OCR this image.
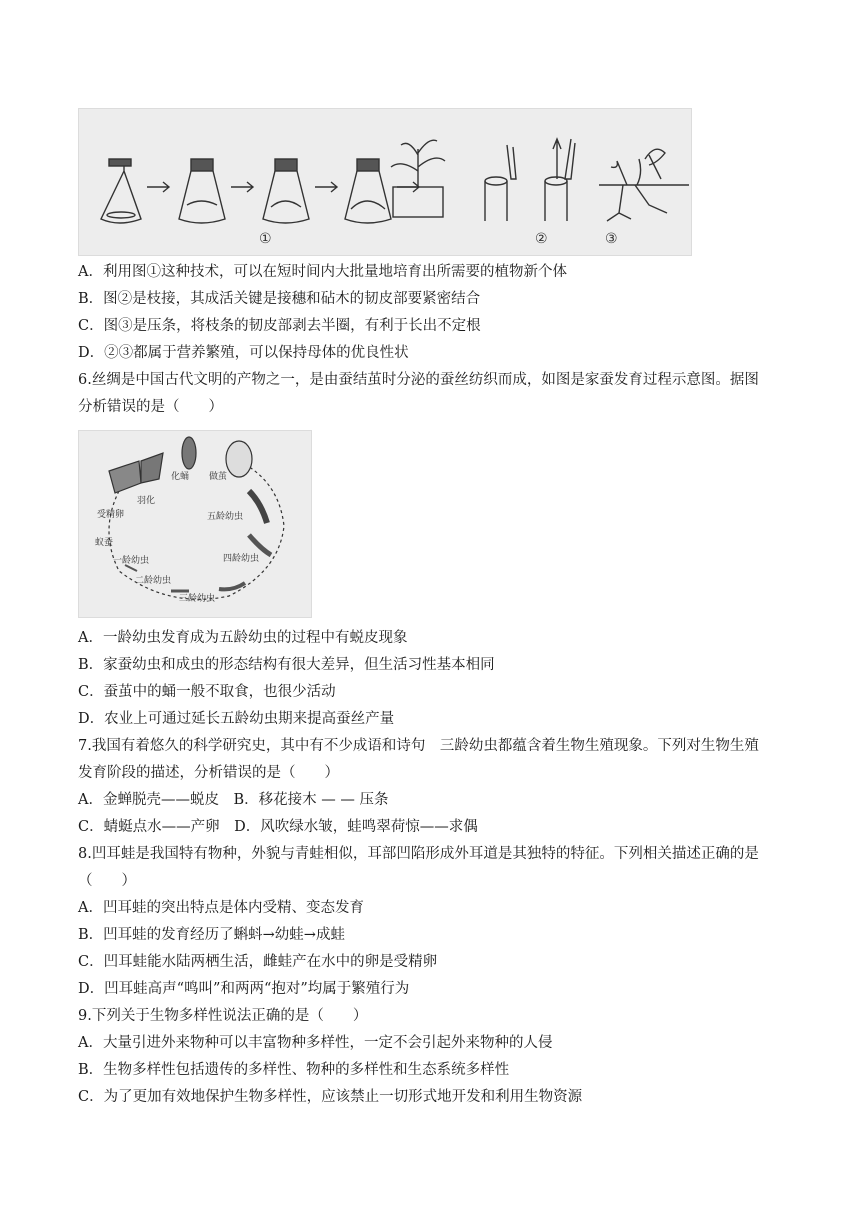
①	②	③
A．利用图①这种技术，可以在短时间内大批量地培育出所需要的植物新个体
B．图②是枝接，其成活关键是接穗和砧木的韧皮部要紧密结合
C．图③是压条，将枝条的韧皮部剥去半圈，有利于长出不定根
D．②③都属于营养繁殖，可以保持母体的优良性状
6.丝绸是中国古代文明的产物之一，是由蚕结茧时分泌的蚕丝纺织而成，如图是家蚕发育过程示意图。据图
分析错误的是（　　）
化蛹 做茧
羽化
五龄幼虫
受精卵
蚁蚕
四龄幼虫
一龄幼虫
二龄幼虫
三龄幼虫
A．一龄幼虫发育成为五龄幼虫的过程中有蜕皮现象
B．家蚕幼虫和成虫的形态结构有很大差异，但生活习性基本相同
C．蚕茧中的蛹一般不取食，也很少活动
D．农业上可通过延长五龄幼虫期来提高蚕丝产量
7.我国有着悠久的科学研究史，其中有不少成语和诗句　三龄幼虫都蕴含着生物生殖现象。下列对生物生殖
发育阶段的描述，分析错误的是（　　）
A．金蝉脱壳——蜕皮　B．移花接木 — — 压条
C．蜻蜓点水——产卵　D．风吹绿水皱，蛙鸣翠荷惊——求偶
8.凹耳蛙是我国特有物种，外貌与青蛙相似，耳部凹陷形成外耳道是其独特的特征。下列相关描述正确的是
（　　）
A．凹耳蛙的突出特点是体内受精、变态发育
B．凹耳蛙的发育经历了蝌蚪→幼蛙→成蛙
C．凹耳蛙能水陆两栖生活，雌蛙产在水中的卵是受精卵
D．凹耳蛙高声“鸣叫”和两两“抱对”均属于繁殖行为
9.下列关于生物多样性说法正确的是（　　）
A．大量引进外来物种可以丰富物种多样性，一定不会引起外来物种的人侵
B．生物多样性包括遗传的多样性、物种的多样性和生态系统多样性
C．为了更加有效地保护生物多样性，应该禁止一切形式地开发和利用生物资源
